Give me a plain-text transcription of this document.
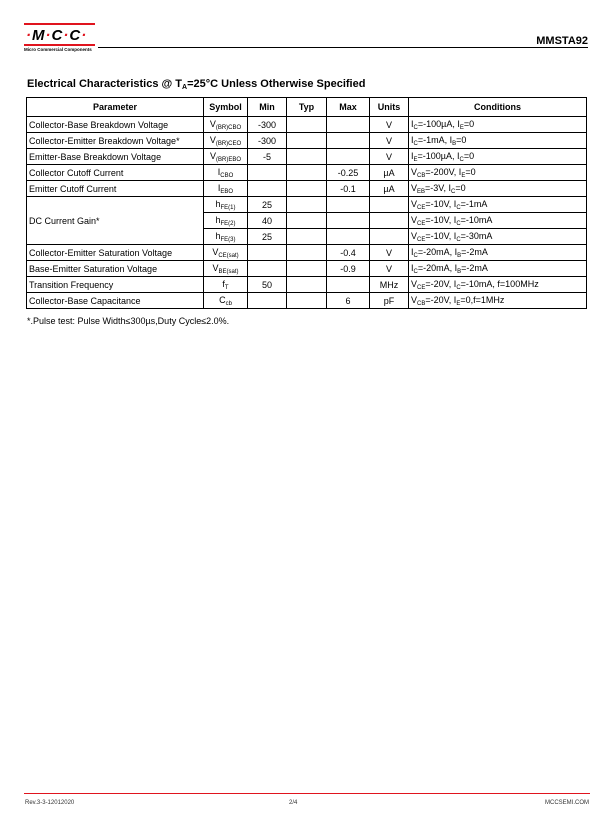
·M·C·C·
Micro Commercial Components
MMSTA92
Electrical Characteristics @ $T_A=25^\circ C$ Unless Otherwise Specified
Parameter	Symbol	Min	Typ	Max	Units	Conditions
Collector-Base Breakdown Voltage	$V_{(BR)CBO}$	-300			V	$I_C=-100\mu A$, $I_E=0$
Collector-Emitter Breakdown Voltage*	$V_{(BR)CEO}$	-300			V	$I_C=-1mA$, $I_B=0$
Emitter-Base Breakdown Voltage	$V_{(BR)EBO}$	-5			V	$I_E=-100\mu A$, $I_C=0$
Collector Cutoff Current	$I_{CBO}$			-0.25	µA	$V_{CB}=-200V$, $I_E=0$
Emitter Cutoff Current	$I_{EBO}$			-0.1	µA	$V_{EB}=-3V$, $I_C=0$
DC Current Gain*	$h_{FE(1)}$	25				$V_{CE}=-10V$, $I_C=-1mA$
	$h_{FE(2)}$	40				$V_{CE}=-10V$, $I_C=-10mA$
	$h_{FE(3)}$	25				$V_{CE}=-10V$, $I_C=-30mA$
Collector-Emitter Saturation Voltage	$V_{CE(sat)}$			-0.4	V	$I_C=-20mA$, $I_B=-2mA$
Base-Emitter Saturation Voltage	$V_{BE(sat)}$			-0.9	V	$I_C=-20mA$, $I_B=-2mA$
Transition Frequency	$f_T$	50			MHz	$V_{CE}=-20V$, $I_C=-10mA$, f=100MHz
Collector-Base Capacitance	$C_{cb}$			6	pF	$V_{CB}=-20V$, $I_E=0,f=1MHz$
*.Pulse test: Pulse Width≤300µs,Duty Cycle≤2.0%.
Rev.3-3-12012020	2/4	MCCSEMI.COM
